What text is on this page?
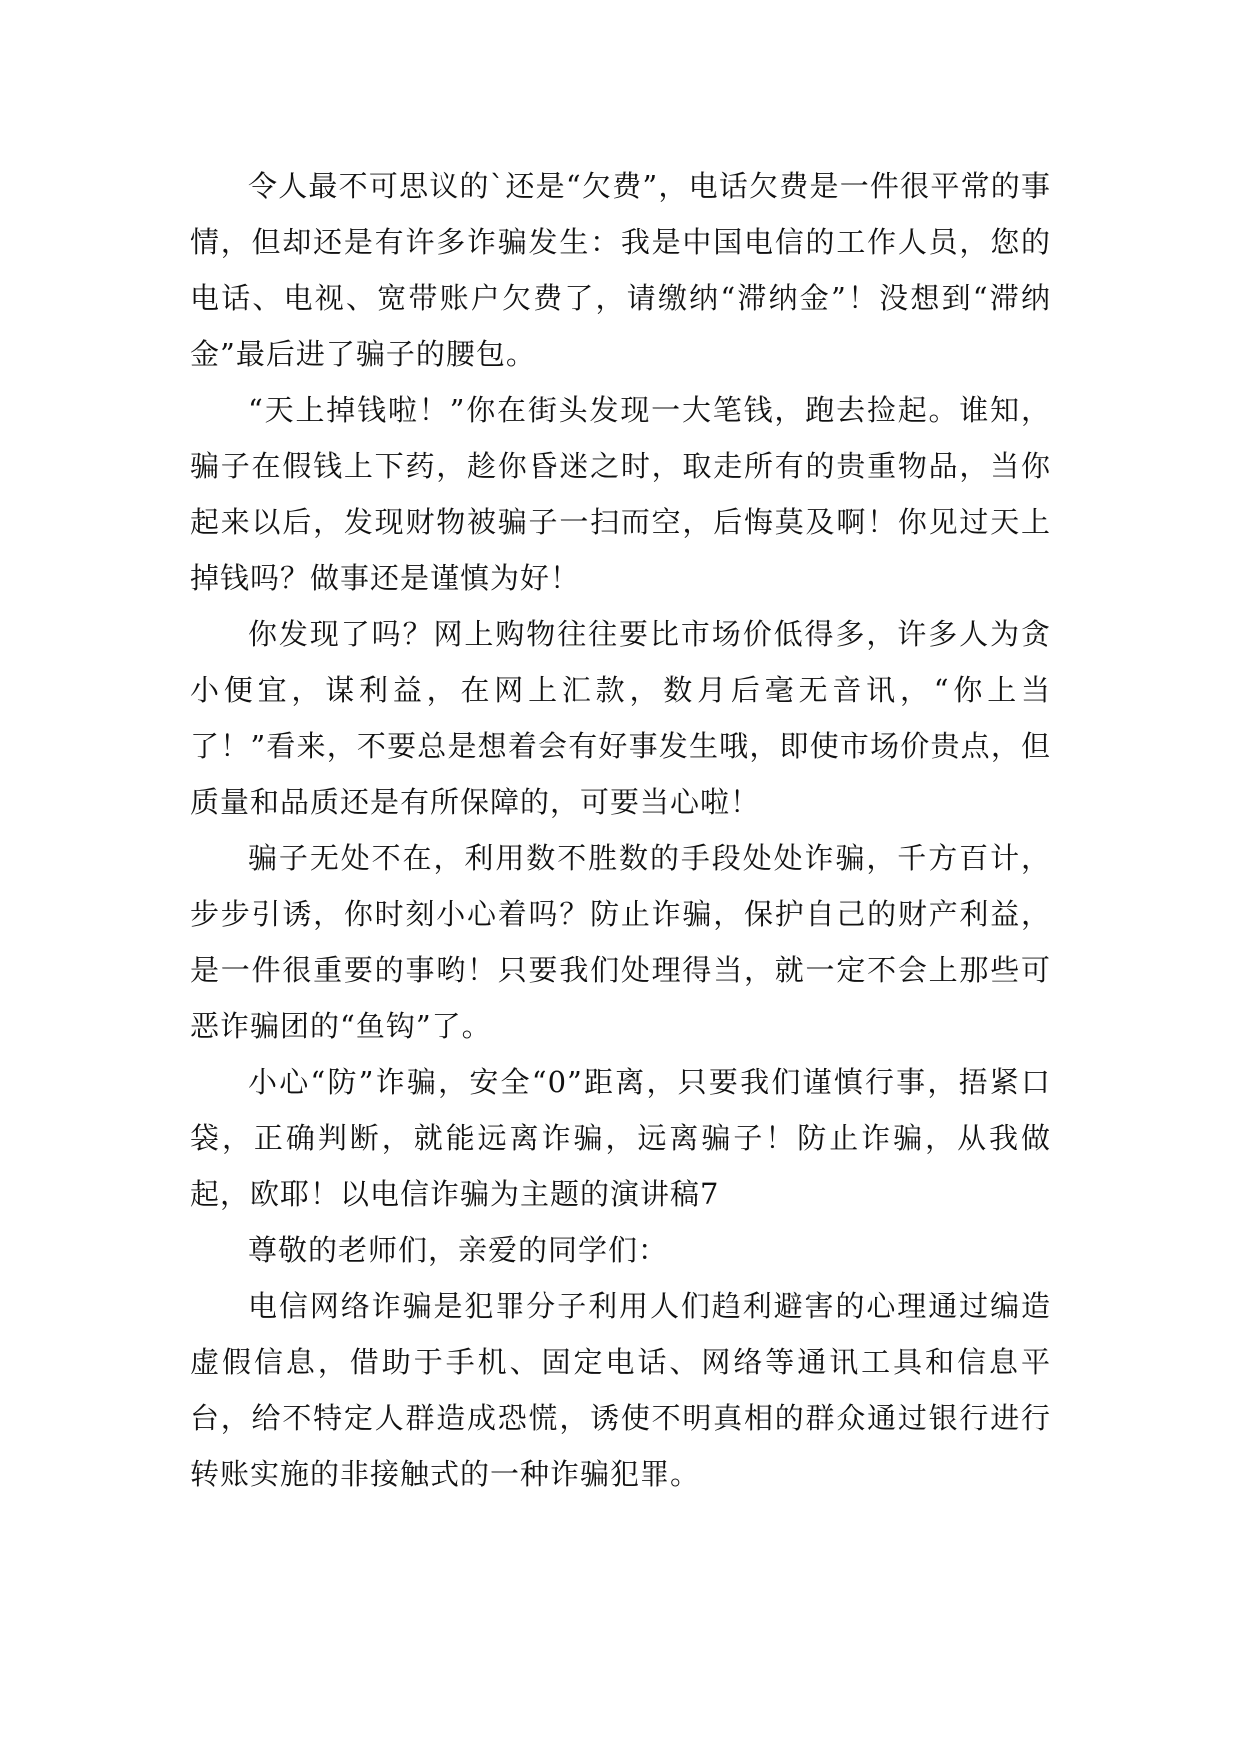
令人最不可思议的`还是“欠费”，电话欠费是一件很平常的事情，但却还是有许多诈骗发生：我是中国电信的工作人员，您的电话、电视、宽带账户欠费了，请缴纳“滞纳金”！没想到“滞纳金”最后进了骗子的腰包。

“天上掉钱啦！”你在街头发现一大笔钱，跑去捡起。谁知，骗子在假钱上下药，趁你昏迷之时，取走所有的贵重物品，当你起来以后，发现财物被骗子一扫而空，后悔莫及啊！你见过天上掉钱吗？做事还是谨慎为好！

你发现了吗？网上购物往往要比市场价低得多，许多人为贪小便宜，谋利益，在网上汇款，数月后毫无音讯，“你上当了！”看来，不要总是想着会有好事发生哦，即使市场价贵点，但质量和品质还是有所保障的，可要当心啦！

骗子无处不在，利用数不胜数的手段处处诈骗，千方百计，步步引诱，你时刻小心着吗？防止诈骗，保护自己的财产利益，是一件很重要的事哟！只要我们处理得当，就一定不会上那些可恶诈骗团的“鱼钩”了。

小心“防”诈骗，安全“0”距离，只要我们谨慎行事，捂紧口袋，正确判断，就能远离诈骗，远离骗子！防止诈骗，从我做起，欧耶！以电信诈骗为主题的演讲稿7

尊敬的老师们，亲爱的同学们：

电信网络诈骗是犯罪分子利用人们趋利避害的心理通过编造虚假信息，借助于手机、固定电话、网络等通讯工具和信息平台，给不特定人群造成恐慌，诱使不明真相的群众通过银行进行转账实施的非接触式的一种诈骗犯罪。
